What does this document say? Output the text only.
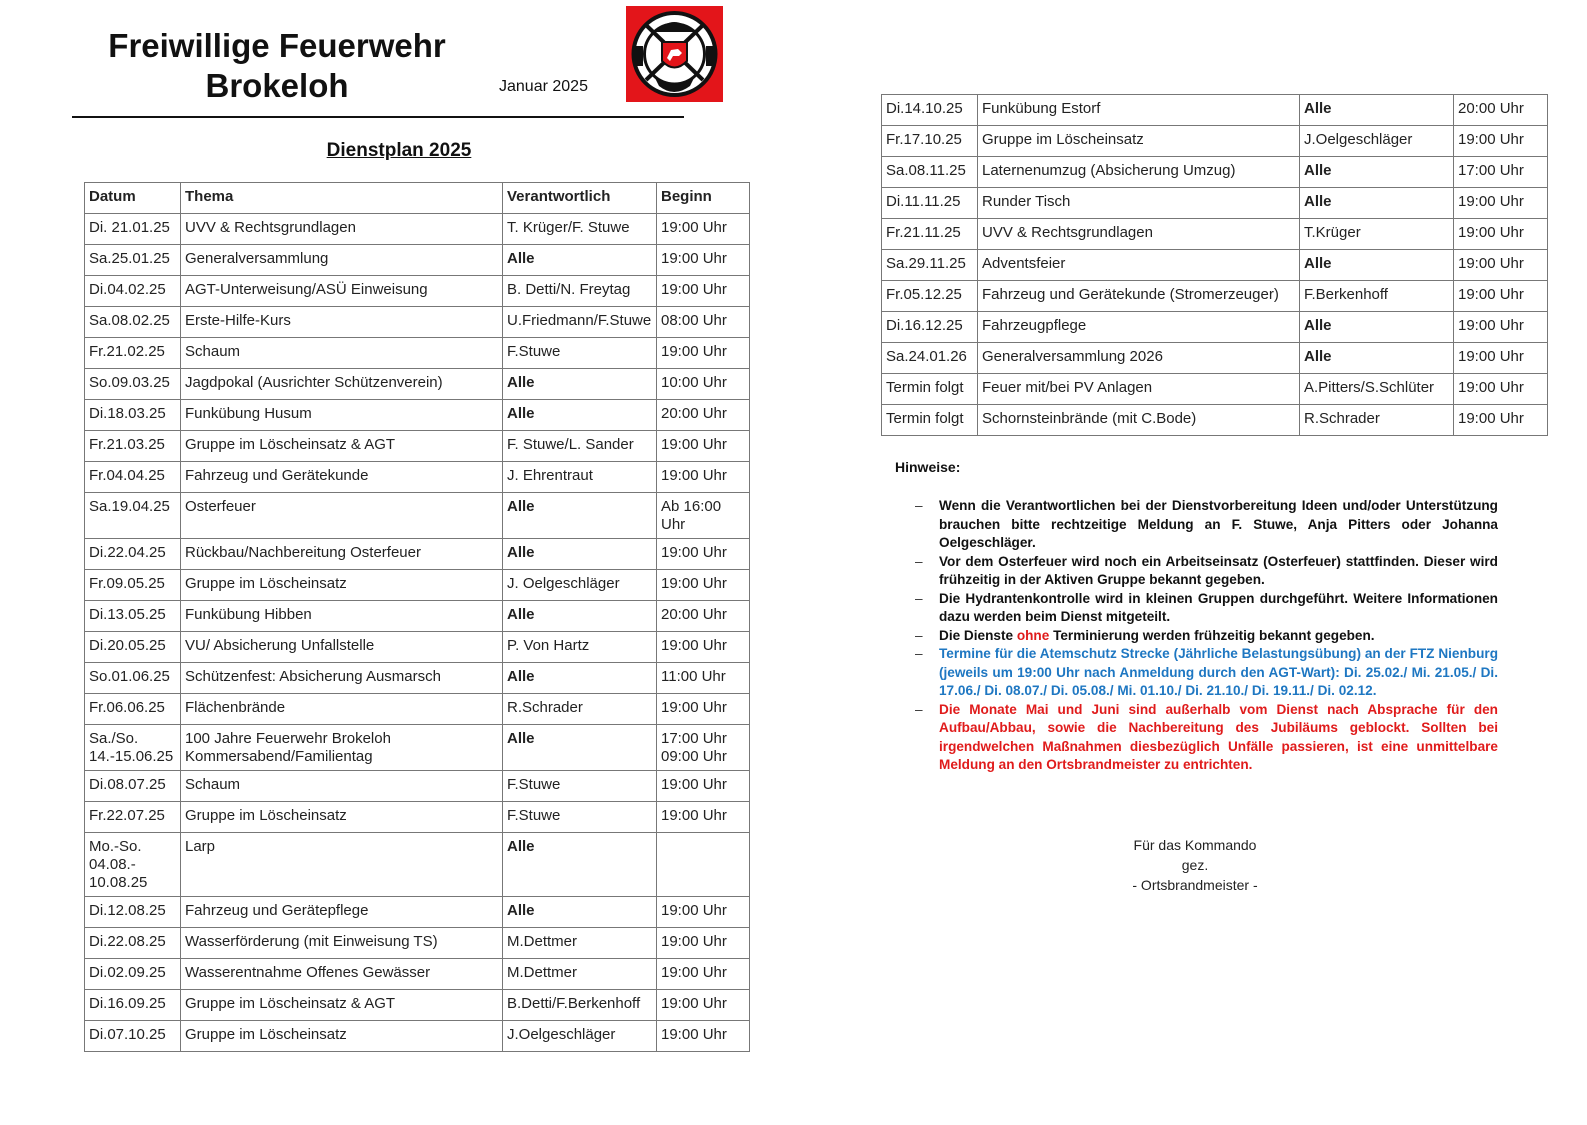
Freiwillige Feuerwehr
Brokeloh	Januar 2025
Dienstplan 2025
Datum	Thema	Verantwortlich	Beginn
Di. 21.01.25	UVV & Rechtsgrundlagen	T. Krüger/F. Stuwe	19:00 Uhr
Sa.25.01.25	Generalversammlung	Alle	19:00 Uhr
Di.04.02.25	AGT-Unterweisung/ASÜ Einweisung	B. Detti/N. Freytag	19:00 Uhr
Sa.08.02.25	Erste-Hilfe-Kurs	U.Friedmann/F.Stuwe	08:00 Uhr
Fr.21.02.25	Schaum	F.Stuwe	19:00 Uhr
So.09.03.25	Jagdpokal (Ausrichter Schützenverein)	Alle	10:00 Uhr
Di.18.03.25	Funkübung Husum	Alle	20:00 Uhr
Fr.21.03.25	Gruppe im Löscheinsatz & AGT	F. Stuwe/L. Sander	19:00 Uhr
Fr.04.04.25	Fahrzeug und Gerätekunde	J. Ehrentraut	19:00 Uhr
Sa.19.04.25	Osterfeuer	Alle	Ab 16:00 Uhr
Di.22.04.25	Rückbau/Nachbereitung Osterfeuer	Alle	19:00 Uhr
Fr.09.05.25	Gruppe im Löscheinsatz	J. Oelgeschläger	19:00 Uhr
Di.13.05.25	Funkübung Hibben	Alle	20:00 Uhr
Di.20.05.25	VU/ Absicherung Unfallstelle	P. Von Hartz	19:00 Uhr
So.01.06.25	Schützenfest: Absicherung Ausmarsch	Alle	11:00 Uhr
Fr.06.06.25	Flächenbrände	R.Schrader	19:00 Uhr
Sa./So. 14.-15.06.25	100 Jahre Feuerwehr Brokeloh Kommersabend/Familientag	Alle	17:00 Uhr 09:00 Uhr
Di.08.07.25	Schaum	F.Stuwe	19:00 Uhr
Fr.22.07.25	Gruppe im Löscheinsatz	F.Stuwe	19:00 Uhr
Mo.-So. 04.08.- 10.08.25	Larp	Alle	
Di.12.08.25	Fahrzeug und Gerätepflege	Alle	19:00 Uhr
Di.22.08.25	Wasserförderung (mit Einweisung TS)	M.Dettmer	19:00 Uhr
Di.02.09.25	Wasserentnahme Offenes Gewässer	M.Dettmer	19:00 Uhr
Di.16.09.25	Gruppe im Löscheinsatz & AGT	B.Detti/F.Berkenhoff	19:00 Uhr
Di.07.10.25	Gruppe im Löscheinsatz	J.Oelgeschläger	19:00 Uhr
Di.14.10.25	Funkübung Estorf	Alle	20:00 Uhr
Fr.17.10.25	Gruppe im Löscheinsatz	J.Oelgeschläger	19:00 Uhr
Sa.08.11.25	Laternenumzug (Absicherung Umzug)	Alle	17:00 Uhr
Di.11.11.25	Runder Tisch	Alle	19:00 Uhr
Fr.21.11.25	UVV & Rechtsgrundlagen	T.Krüger	19:00 Uhr
Sa.29.11.25	Adventsfeier	Alle	19:00 Uhr
Fr.05.12.25	Fahrzeug und Gerätekunde (Stromerzeuger)	F.Berkenhoff	19:00 Uhr
Di.16.12.25	Fahrzeugpflege	Alle	19:00 Uhr
Sa.24.01.26	Generalversammlung 2026	Alle	19:00 Uhr
Termin folgt	Feuer mit/bei PV Anlagen	A.Pitters/S.Schlüter	19:00 Uhr
Termin folgt	Schornsteinbrände (mit C.Bode)	R.Schrader	19:00 Uhr
Hinweise:
– Wenn die Verantwortlichen bei der Dienstvorbereitung Ideen und/oder Unterstützung brauchen bitte rechtzeitige Meldung an F. Stuwe, Anja Pitters oder Johanna Oelgeschläger.
– Vor dem Osterfeuer wird noch ein Arbeitseinsatz (Osterfeuer) stattfinden. Dieser wird frühzeitig in der Aktiven Gruppe bekannt gegeben.
– Die Hydrantenkontrolle wird in kleinen Gruppen durchgeführt. Weitere Informationen dazu werden beim Dienst mitgeteilt.
– Die Dienste ohne Terminierung werden frühzeitig bekannt gegeben.
– Termine für die Atemschutz Strecke (Jährliche Belastungsübung) an der FTZ Nienburg (jeweils um 19:00 Uhr nach Anmeldung durch den AGT-Wart): Di. 25.02./ Mi. 21.05./ Di. 17.06./ Di. 08.07./ Di. 05.08./ Mi. 01.10./ Di. 21.10./ Di. 19.11./ Di. 02.12.
– Die Monate Mai und Juni sind außerhalb vom Dienst nach Absprache für den Aufbau/Abbau, sowie die Nachbereitung des Jubiläums geblockt. Sollten bei irgendwelchen Maßnahmen diesbezüglich Unfälle passieren, ist eine unmittelbare Meldung an den Ortsbrandmeister zu entrichten.
Für das Kommando
gez.
- Ortsbrandmeister -
